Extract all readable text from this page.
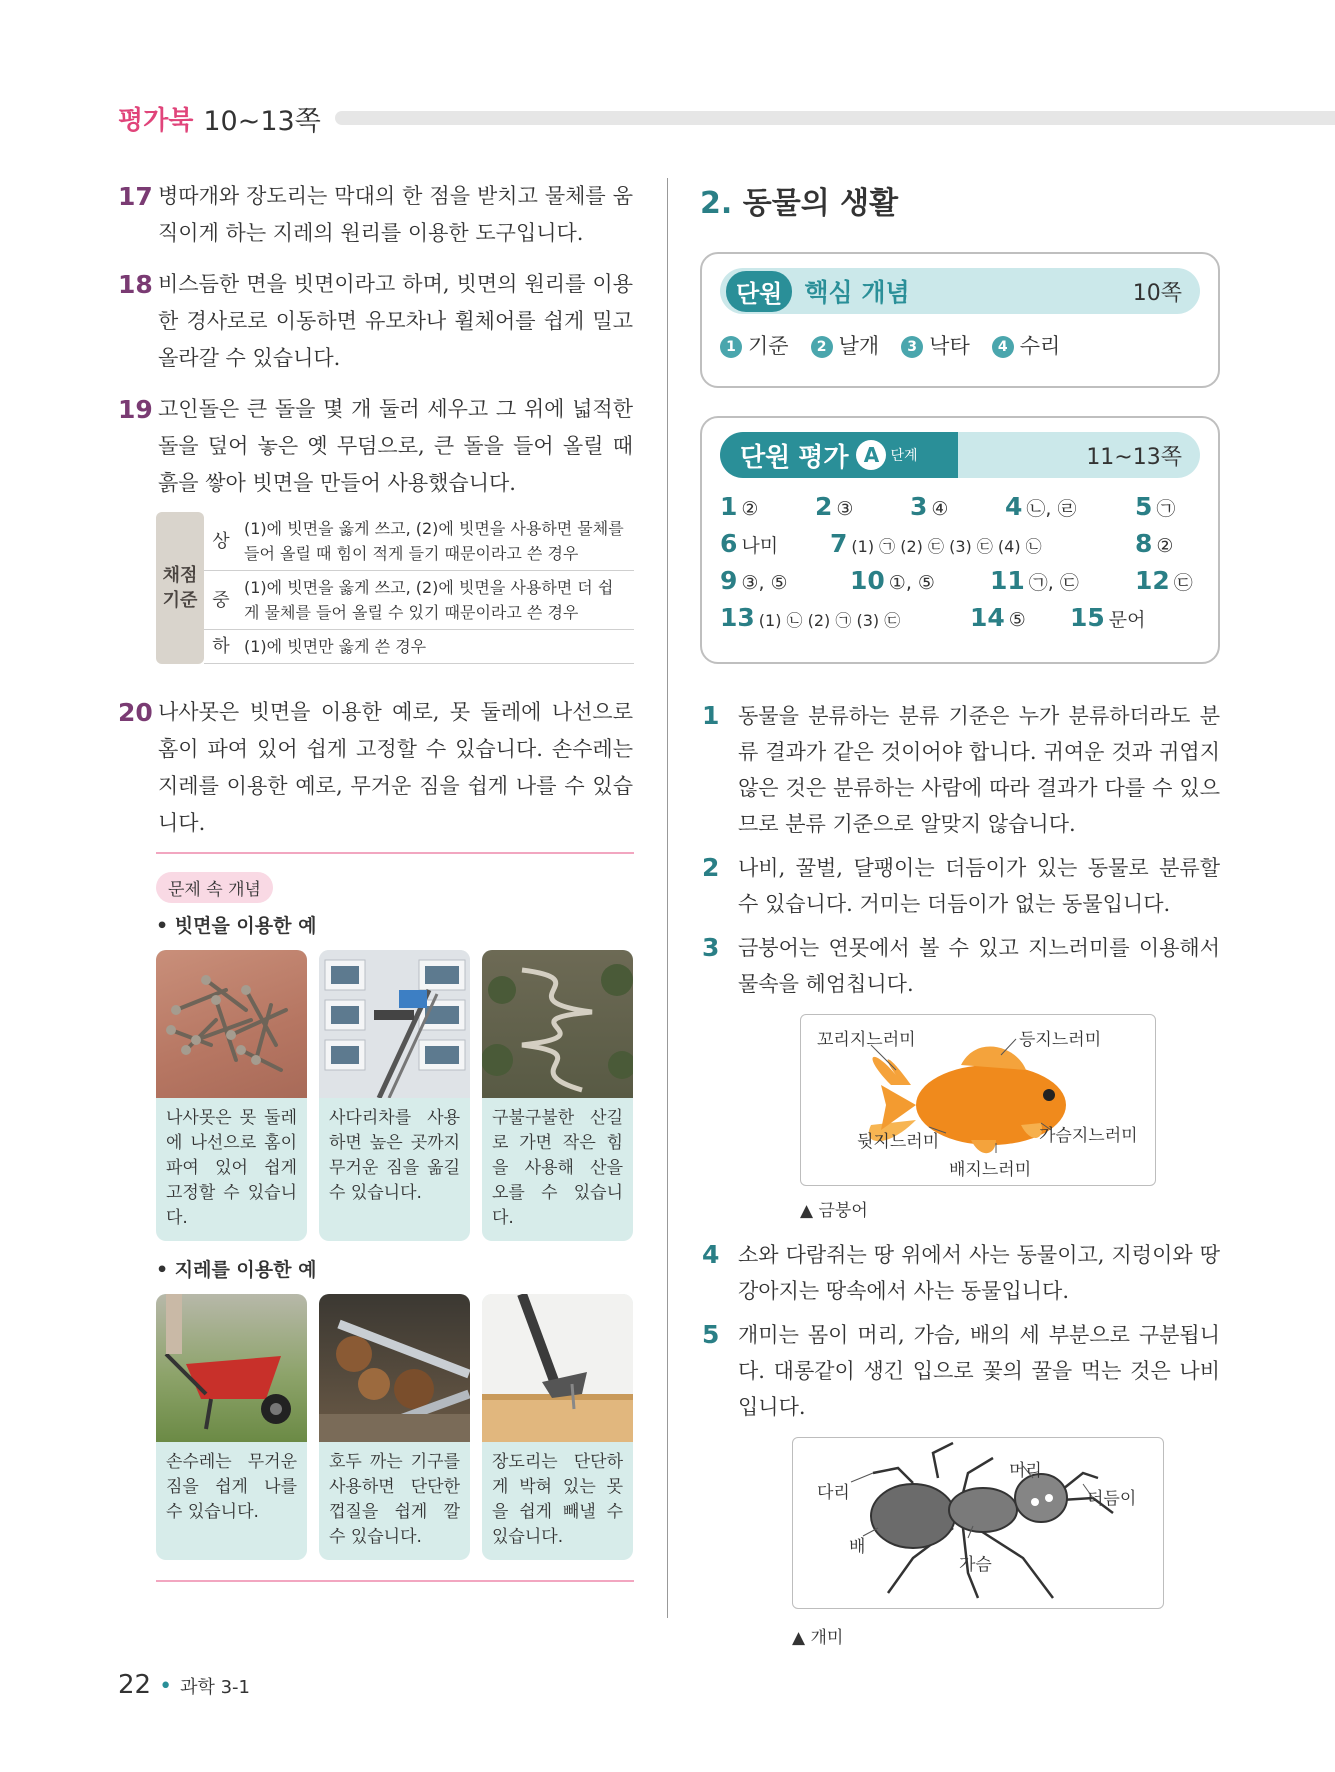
평가북 10~13쪽
17 병따개와 장도리는 막대의 한 점을 받치고 물체를 움직이게 하는 지레의 원리를 이용한 도구입니다.
18 비스듬한 면을 빗면이라고 하며, 빗면의 원리를 이용한 경사로로 이동하면 유모차나 휠체어를 쉽게 밀고 올라갈 수 있습니다.
19 고인돌은 큰 돌을 몇 개 둘러 세우고 그 위에 넓적한 돌을 덮어 놓은 옛 무덤으로, 큰 돌을 들어 올릴 때 흙을 쌓아 빗면을 만들어 사용했습니다.
채점 기준	상	(1)에 빗면을 옳게 쓰고, (2)에 빗면을 사용하면 물체를 들어 올릴 때 힘이 적게 들기 때문이라고 쓴 경우
	중	(1)에 빗면을 옳게 쓰고, (2)에 빗면을 사용하면 더 쉽게 물체를 들어 올릴 수 있기 때문이라고 쓴 경우
	하	(1)에 빗면만 옳게 쓴 경우
20 나사못은 빗면을 이용한 예로, 못 둘레에 나선으로 홈이 파여 있어 쉽게 고정할 수 있습니다. 손수레는 지레를 이용한 예로, 무거운 짐을 쉽게 나를 수 있습니다.
문제 속 개념
• 빗면을 이용한 예
나사못은 못 둘레에 나선으로 홈이 파여 있어 쉽게 고정할 수 있습니다.
사다리차를 사용하면 높은 곳까지 무거운 짐을 옮길 수 있습니다.
구불구불한 산길로 가면 작은 힘을 사용해 산을 오를 수 있습니다.
• 지레를 이용한 예
손수레는 무거운 짐을 쉽게 나를 수 있습니다.
호두 까는 기구를 사용하면 단단한 껍질을 쉽게 깔 수 있습니다.
장도리는 단단하게 박혀 있는 못을 쉽게 빼낼 수 있습니다.
2. 동물의 생활
단원 핵심 개념	10쪽
1 기준	2 날개	3 낙타	4 수리
단원 평가 A 단계	11~13쪽
1 ② 2 ③ 3 ④ 4 ㉡, ㉣ 5 ㉠
6 나미 7 (1) ㉠ (2) ㉢ (3) ㉢ (4) ㉡	8 ②
9 ③, ⑤ 10 ①, ⑤ 11 ㉠, ㉢ 12 ㉢
13 (1) ㉡ (2) ㉠ (3) ㉢	14 ⑤ 15 문어
1 동물을 분류하는 분류 기준은 누가 분류하더라도 분류 결과가 같은 것이어야 합니다. 귀여운 것과 귀엽지 않은 것은 분류하는 사람에 따라 결과가 다를 수 있으므로 분류 기준으로 알맞지 않습니다.
2 나비, 꿀벌, 달팽이는 더듬이가 있는 동물로 분류할 수 있습니다. 거미는 더듬이가 없는 동물입니다.
3 금붕어는 연못에서 볼 수 있고 지느러미를 이용해서 물속을 헤엄칩니다.
꼬리지느러미	등지느러미
뒷지느러미	가슴지느러미
배지느러미
▲ 금붕어
4 소와 다람쥐는 땅 위에서 사는 동물이고, 지렁이와 땅강아지는 땅속에서 사는 동물입니다.
5 개미는 몸이 머리, 가슴, 배의 세 부분으로 구분됩니다. 대롱같이 생긴 입으로 꽃의 꿀을 먹는 것은 나비입니다.
다리
머리
더듬이
배
가슴
▲ 개미
22 • 과학 3-1
